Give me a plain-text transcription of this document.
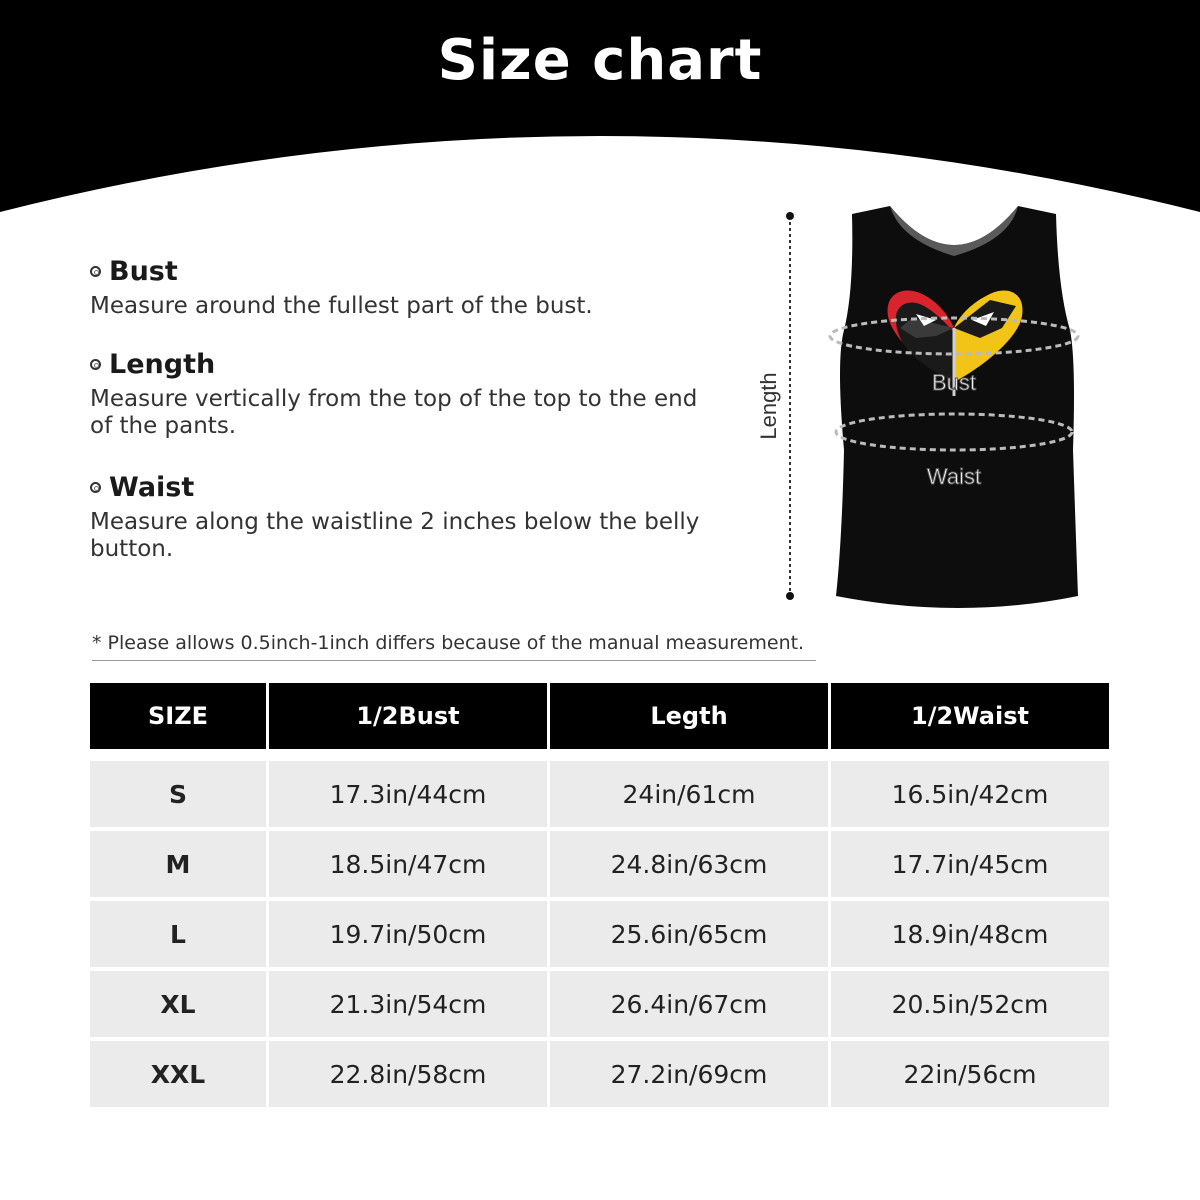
Size chart
Bust
Measure around the fullest part of the bust.
Length
Measure vertically from the top of the top to the end of the pants.
Waist
Measure along the waistline 2 inches below the belly button.
* Please allows 0.5inch-1inch differs because of the manual measurement.
Length	Bust
Waist
SIZE	1/2Bust	Legth	1/2Waist
S	17.3in/44cm	24in/61cm	16.5in/42cm
M	18.5in/47cm	24.8in/63cm	17.7in/45cm
L	19.7in/50cm	25.6in/65cm	18.9in/48cm
XL	21.3in/54cm	26.4in/67cm	20.5in/52cm
XXL	22.8in/58cm	27.2in/69cm	22in/56cm
